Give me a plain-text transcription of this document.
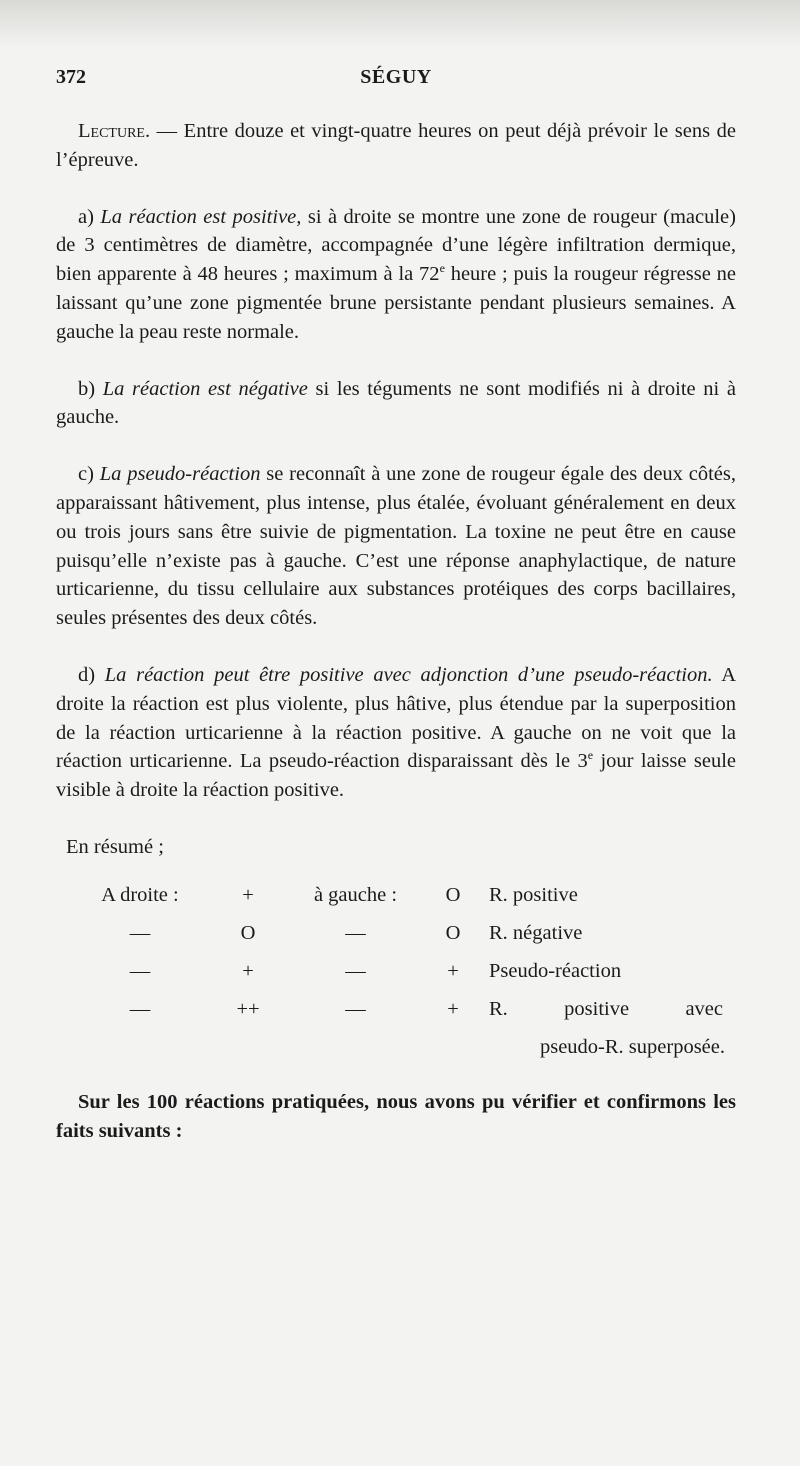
372	SÉGUY

Lecture. — Entre douze et vingt-quatre heures on peut déjà prévoir le sens de l’épreuve.

a) La réaction est positive, si à droite se montre une zone de rougeur (macule) de 3 centimètres de diamètre, accompagnée d’une légère infiltration dermique, bien apparente à 48 heures ; maximum à la 72e heure ; puis la rougeur régresse ne laissant qu’une zone pigmentée brune persistante pendant plusieurs semaines. A gauche la peau reste normale.

b) La réaction est négative si les téguments ne sont modifiés ni à droite ni à gauche.

c) La pseudo-réaction se reconnaît à une zone de rougeur égale des deux côtés, apparaissant hâtivement, plus intense, plus étalée, évoluant généralement en deux ou trois jours sans être suivie de pigmentation. La toxine ne peut être en cause puisqu’elle n’existe pas à gauche. C’est une réponse anaphylactique, de nature urticarienne, du tissu cellulaire aux substances protéiques des corps bacillaires, seules présentes des deux côtés.

d) La réaction peut être positive avec adjonction d’une pseudo-réaction. A droite la réaction est plus violente, plus hâtive, plus étendue par la superposition de la réaction urticarienne à la réaction positive. A gauche on ne voit que la réaction urticarienne. La pseudo-réaction disparaissant dès le 3e jour laisse seule visible à droite la réaction positive.

En résumé ;

A droite :	+	à gauche :	O	R. positive
—	O	—	O	R. négative
—	+	—	+	Pseudo-réaction
—	++	—	+	R. positive avec
pseudo-R. superposée.				

Sur les 100 réactions pratiquées, nous avons pu vérifier et confirmons les faits suivants :
